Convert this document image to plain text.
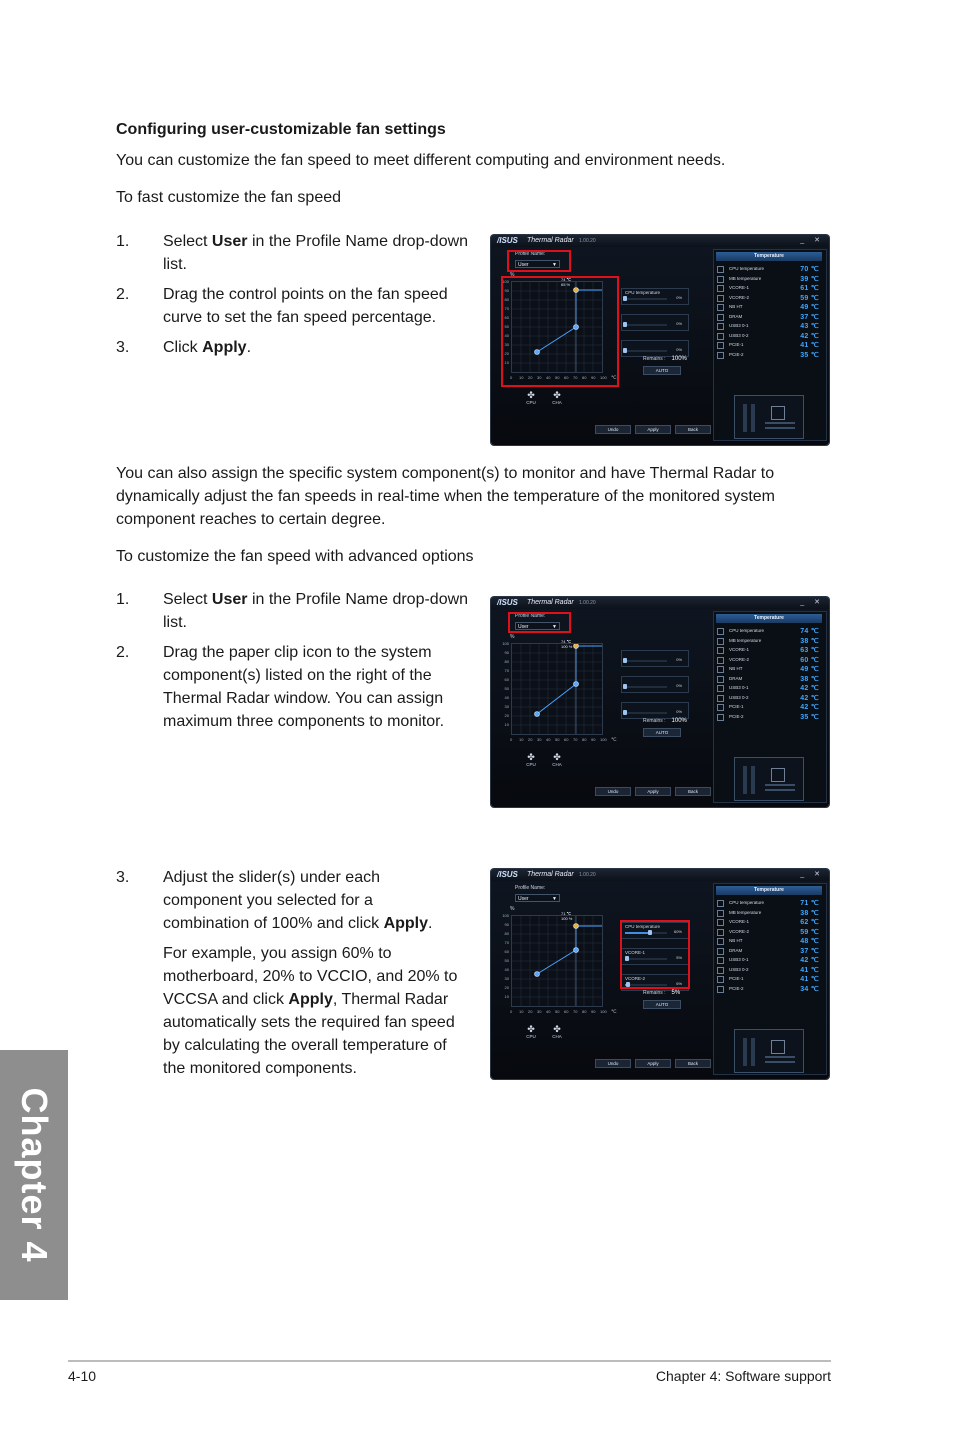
Configuring user-customizable fan settings
You can customize the fan speed to meet different computing and environment needs.
To fast customize the fan speed
1. Select User in the Profile Name drop-down list.
2. Drag the control points on the fan speed curve to set the fan speed percentage.
3. Click Apply.
You can also assign the specific system component(s) to monitor and have Thermal Radar to dynamically adjust the fan speeds in real-time when the temperature of the monitored system component reaches to certain degree.
To customize the fan speed with advanced options
1. Select User in the Profile Name drop-down list.
2. Drag the paper clip icon to the system component(s) listed on the right of the Thermal Radar window. You can assign maximum three components to monitor.
3. Adjust the slider(s) under each component you selected for a combination of 100% and click Apply.
For example, you assign 60% to motherboard, 20% to VCCIO, and 20% to VCCSA and click Apply, Thermal Radar automatically sets the required fan speed by calculating the overall temperature of the monitored components.
/ISUS Thermal Radar 1.00.20	_ ✕
Profile Name:
User	▼
%
100
90
80
70
60
50
40
30
20
10
0 10 20 30 40 50 60 70 80 90 100 ℃
74 ℃
65 %
CPU temperature
0%
0%
0%
Remains : 100%
AUTO
✤
CPU
✤
CHA
Undo	Apply	Back
Temperature
CPU temperature	70 ℃
MB temperature	39 ℃
VCORE-1	61 ℃
VCORE-2	59 ℃
NB HT	49 ℃
DRAM	37 ℃
USB3 0-1	43 ℃
USB3 0-2	42 ℃
PCIE-1	41 ℃
PCIE-2	35 ℃
/ISUS Thermal Radar 1.00.20	_ ✕
Profile Name:
User	▼
%
100
90
80
70
60
50
40
30
20
10
0 10 20 30 40 50 60 70 80 90 100 ℃
74 ℃
100 %
0%
0%
0%
Remains : 100%
AUTO
✤
CPU
✤
CHA
Undo	Apply	Back
Temperature
CPU temperature	74 ℃
MB temperature	38 ℃
VCORE-1	63 ℃
VCORE-2	60 ℃
NB HT	49 ℃
DRAM	38 ℃
USB3 0-1	42 ℃
USB3 0-2	42 ℃
PCIE-1	42 ℃
PCIE-2	35 ℃
/ISUS Thermal Radar 1.00.20	_ ✕
Profile Name:
User	▼
%
100
90
80
70
60
50
40
30
20
10
0 10 20 30 40 50 60 70 80 90 100 ℃
71 ℃
100 %
CPU temperature
60%
VCORE-1
5%
VCORE-2
6%
Remains : 5%
AUTO
✤
CPU
✤
CHA
Undo	Apply	Back
Temperature
CPU temperature	71 ℃
MB temperature	38 ℃
VCORE-1	62 ℃
VCORE-2	59 ℃
NB HT	48 ℃
DRAM	37 ℃
USB3 0-1	42 ℃
USB3 0-2	41 ℃
PCIE-1	41 ℃
PCIE-2	34 ℃
Chapter 4
4-10	Chapter 4: Software support
